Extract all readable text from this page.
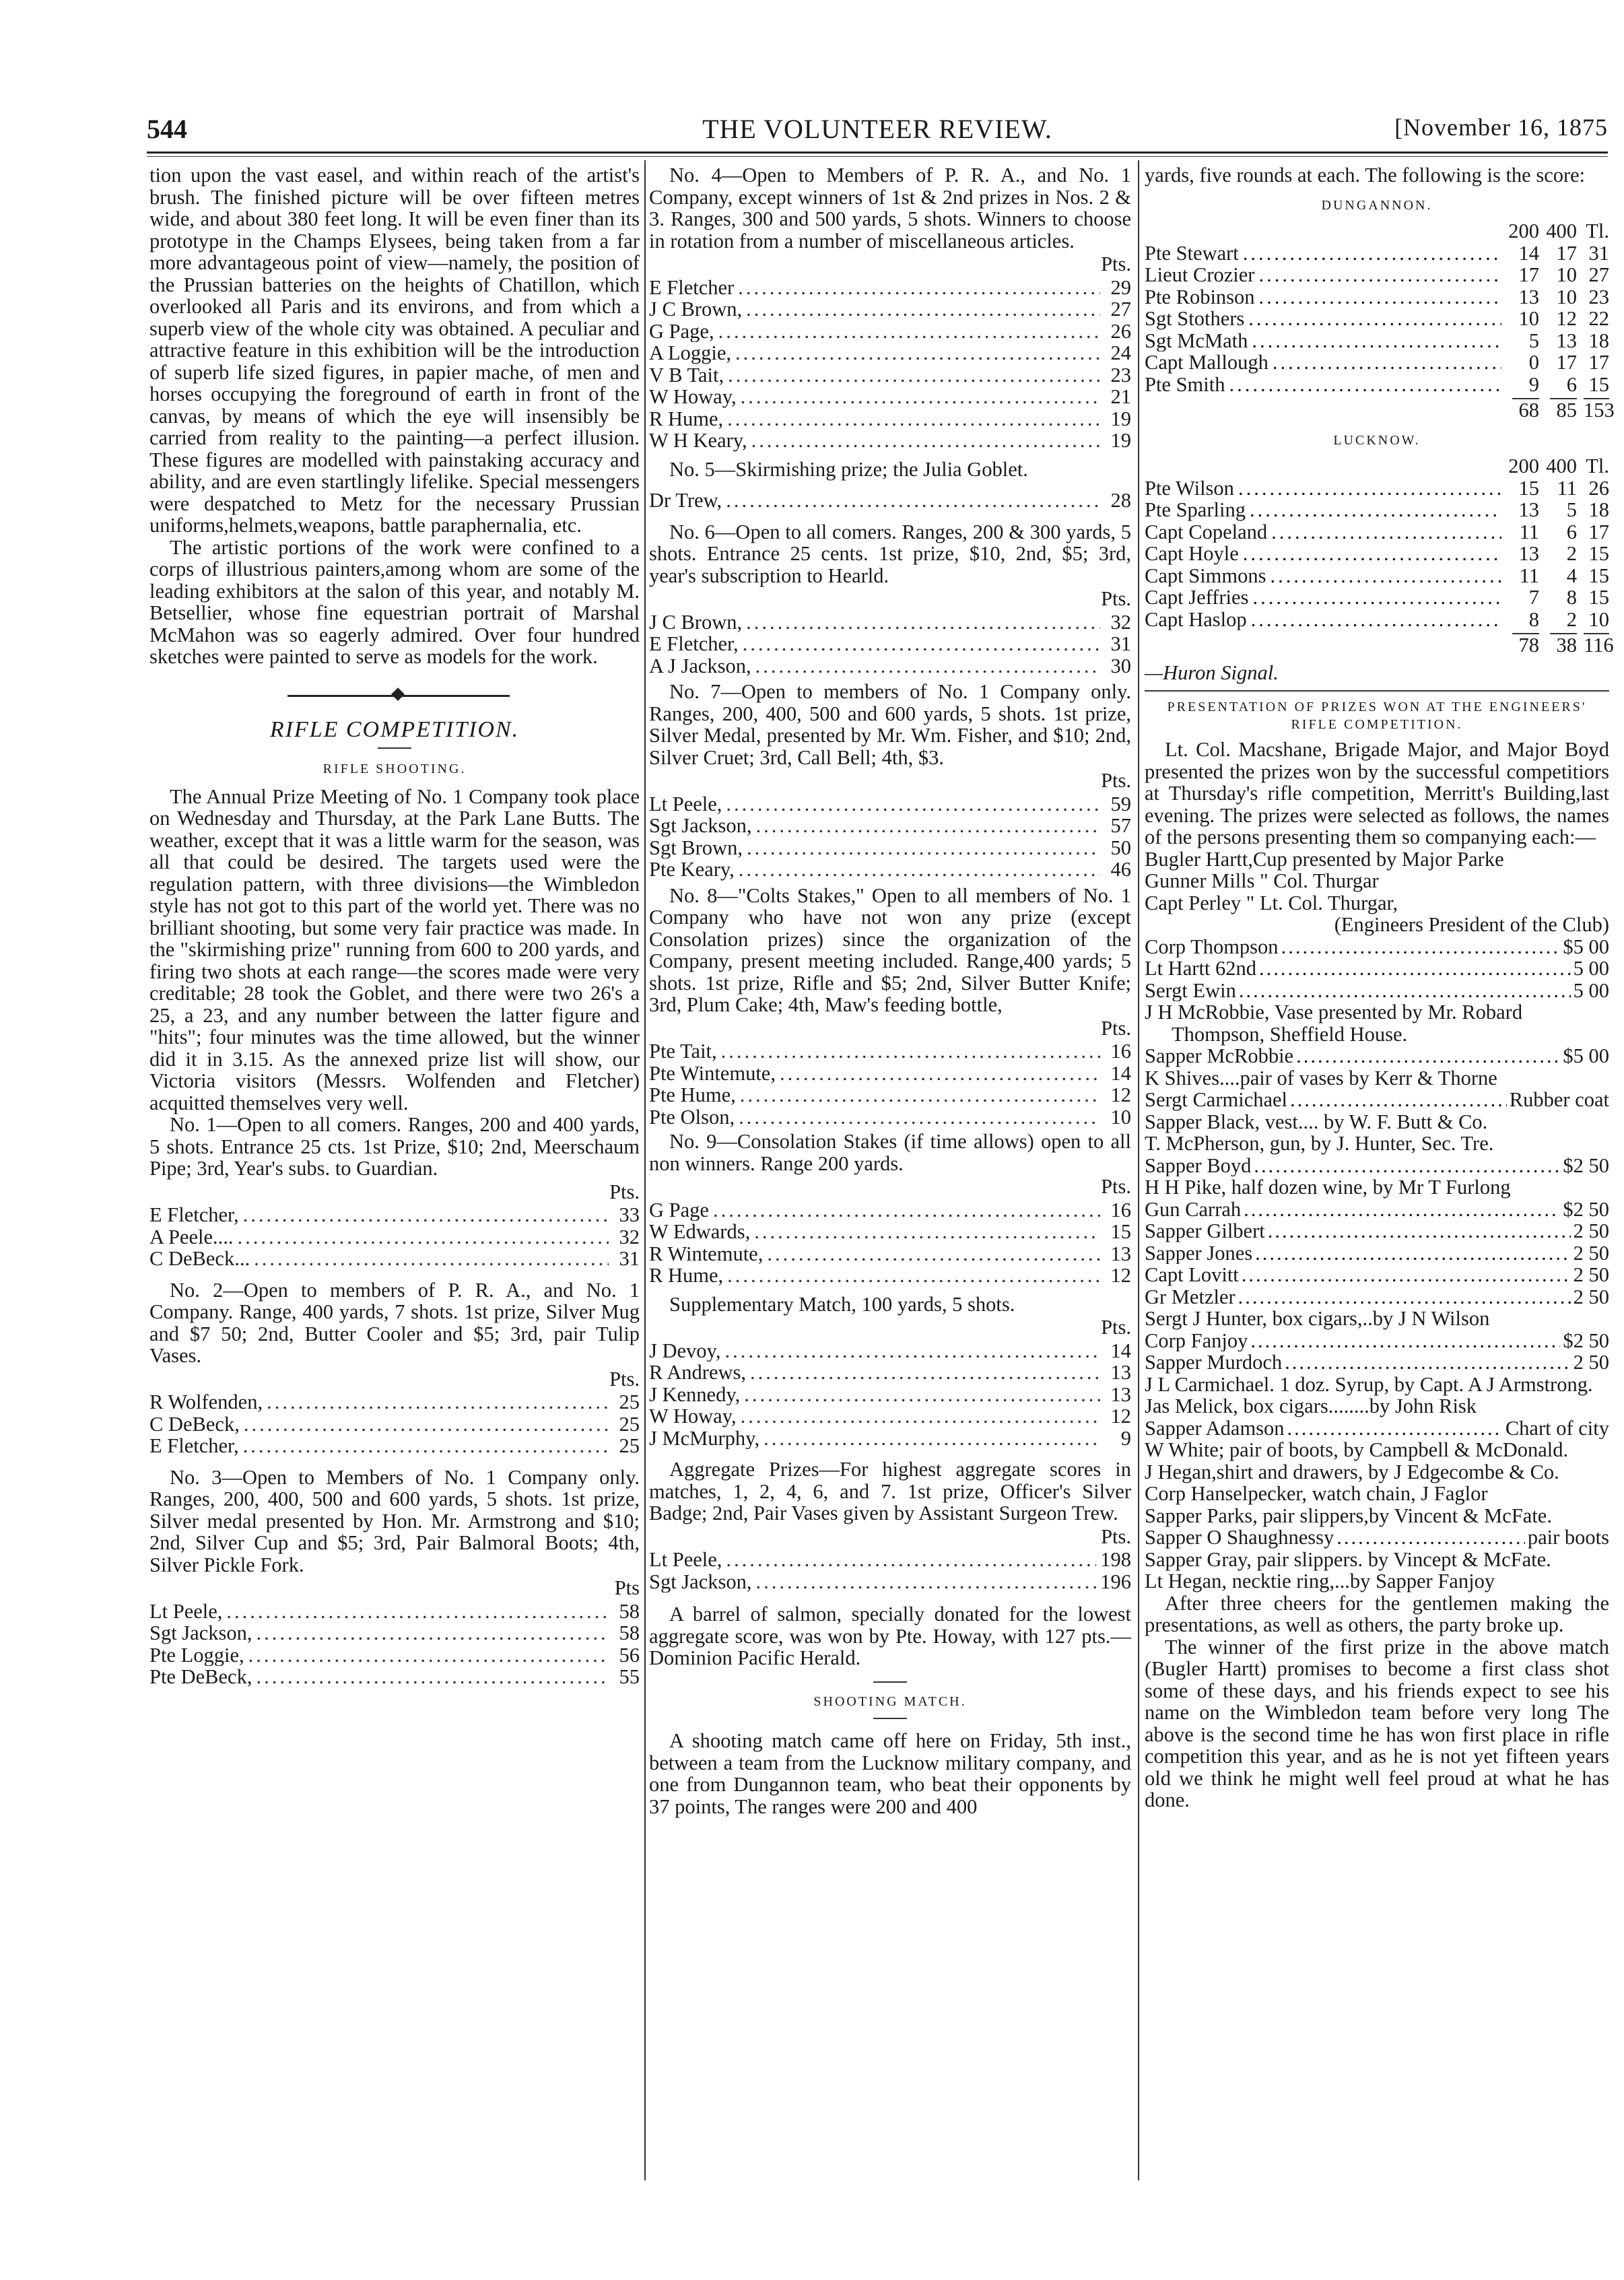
544	THE VOLUNTEER REVIEW.	[November 16, 1875

tion upon the vast easel, and within reach of the artist's brush. The finished picture will be over fifteen metres wide, and about 380 feet long. It will be even finer than its prototype in the Champs Elysees, being taken from a far more advantageous point of view—namely, the position of the Prussian batteries on the heights of Chatillon, which overlooked all Paris and its environs, and from which a superb view of the whole city was obtained. A peculiar and attractive feature in this exhibition will be the introduction of superb life sized figures, in papier mache, of men and horses occupying the foreground of earth in front of the canvas, by means of which the eye will insensibly be carried from reality to the painting—a perfect illusion. These figures are modelled with painstaking accuracy and ability, and are even startlingly lifelike. Special messengers were despatched to Metz for the necessary Prussian uniforms,helmets,weapons, battle paraphernalia, etc.

The artistic portions of the work were confined to a corps of illustrious painters,among whom are some of the leading exhibitors at the salon of this year, and notably M. Betsellier, whose fine equestrian portrait of Marshal McMahon was so eagerly admired. Over four hundred sketches were painted to serve as models for the work.

RIFLE COMPETITION.
RIFLE SHOOTING.

The Annual Prize Meeting of No. 1 Company took place on Wednesday and Thursday, at the Park Lane Butts. The weather, except that it was a little warm for the season, was all that could be desired. The targets used were the regulation pattern, with three divisions—the Wimbledon style has not got to this part of the world yet. There was no brilliant shooting, but some very fair practice was made. In the "skirmishing prize" running from 600 to 200 yards, and firing two shots at each range—the scores made were very creditable; 28 took the Goblet, and there were two 26's a 25, a 23, and any number between the latter figure and "hits"; four minutes was the time allowed, but the winner did it in 3.15. As the annexed prize list will show, our Victoria visitors (Messrs. Wolfenden and Fletcher) acquitted themselves very well.

No. 1—Open to all comers. Ranges, 200 and 400 yards, 5 shots. Entrance 25 cts. 1st Prize, $10; 2nd, Meerschaum Pipe; 3rd, Year's subs. to Guardian.

Pts.
E Fletcher, .....	33
A Peele.... .....	32
C DeBeck... .....	31

No. 2—Open to members of P. R. A., and No. 1 Company. Range, 400 yards, 7 shots. 1st prize, Silver Mug and $7 50; 2nd, Butter Cooler and $5; 3rd, pair Tulip Vases.

Pts.
R Wolfenden, .....	25
C DeBeck, .....	25
E Fletcher, .....	25

No. 3—Open to Members of No. 1 Company only. Ranges, 200, 400, 500 and 600 yards, 5 shots. 1st prize, Silver medal presented by Hon. Mr. Armstrong and $10; 2nd, Silver Cup and $5; 3rd, Pair Balmoral Boots; 4th, Silver Pickle Fork.

Pts
Lt Peele, .....	58
Sgt Jackson, .....	58
Pte Loggie, .....	56
Pte DeBeck, .....	55

No. 4—Open to Members of P. R. A., and No. 1 Company, except winners of 1st & 2nd prizes in Nos. 2 & 3. Ranges, 300 and 500 yards, 5 shots. Winners to choose in rotation from a number of miscellaneous articles.

Pts.
E Fletcher .....	29
J C Brown, .....	27
G Page, .....	26
A Loggie, .....	24
V B Tait, .....	23
W Howay, .....	21
R Hume, .....	19
W H Keary, .....	19

No. 5—Skirmishing prize; the Julia Goblet.

Dr Trew, .....	28

No. 6—Open to all comers. Ranges, 200 & 300 yards, 5 shots. Entrance 25 cents. 1st prize, $10, 2nd, $5; 3rd, year's subscription to Hearld.

Pts.
J C Brown, .....	32
E Fletcher, .....	31
A J Jackson, .....	30

No. 7—Open to members of No. 1 Company only. Ranges, 200, 400, 500 and 600 yards, 5 shots. 1st prize, Silver Medal, presented by Mr. Wm. Fisher, and $10; 2nd, Silver Cruet; 3rd, Call Bell; 4th, $3.

Pts.
Lt Peele, .....	59
Sgt Jackson, .....	57
Sgt Brown, .....	50
Pte Keary, .....	46

No. 8—"Colts Stakes," Open to all members of No. 1 Company who have not won any prize (except Consolation prizes) since the organization of the Company, present meeting included. Range,400 yards; 5 shots. 1st prize, Rifle and $5; 2nd, Silver Butter Knife; 3rd, Plum Cake; 4th, Maw's feeding bottle,

Pts.
Pte Tait, .....	16
Pte Wintemute, .....	14
Pte Hume, .....	12
Pte Olson, .....	10

No. 9—Consolation Stakes (if time allows) open to all non winners. Range 200 yards.

Pts.
G Page .....	16
W Edwards, .....	15
R Wintemute, .....	13
R Hume, .....	12

Supplementary Match, 100 yards, 5 shots.

Pts.
J Devoy, .....	14
R Andrews, .....	13
J Kennedy, .....	13
W Howay, .....	12
J McMurphy, .....	9

Aggregate Prizes—For highest aggregate scores in matches, 1, 2, 4, 6, and 7. 1st prize, Officer's Silver Badge; 2nd, Pair Vases given by Assistant Surgeon Trew.

Pts.
Lt Peele, .....	198
Sgt Jackson, .....	196

A barrel of salmon, specially donated for the lowest aggregate score, was won by Pte. Howay, with 127 pts.—Dominion Pacific Herald.

SHOOTING MATCH.

A shooting match came off here on Friday, 5th inst., between a team from the Lucknow military company, and one from Dungannon team, who beat their opponents by 37 points, The ranges were 200 and 400

yards, five rounds at each. The following is the score:

DUNGANNON.
200 400 Tl.
Pte Stewart .....	14 17 31
Lieut Crozier .....	17 10 27
Pte Robinson .....	13 10 23
Sgt Stothers .....	10 12 22
Sgt McMath .....	5 13 18
Capt Mallough .....	0 17 17
Pte Smith .....	9	6 15
68 85 153
LUCKNOW.
200 400 Tl.
Pte Wilson .....	15 11 26
Pte Sparling .....	13	5 18
Capt Copeland .....	11	6 17
Capt Hoyle .....	13	2 15
Capt Simmons .....	11	4 15
Capt Jeffries .....	7	8 15
Capt Haslop .....	8	2 10
78 38 116

—Huron Signal.

PRESENTATION OF PRIZES WON AT THE ENGINEERS' RIFLE COMPETITION.

Lt. Col. Macshane, Brigade Major, and Major Boyd presented the prizes won by the successful competitiors at Thursday's rifle competition, Merritt's Building,last evening. The prizes were selected as follows, the names of the persons presenting them so companying each:—

Bugler Hartt,Cup presented by Major Parke
Gunner Mills " Col. Thurgar
Capt Perley " Lt. Col. Thurgar,
(Engineers President of the Club)
Corp Thompson .....	$5 00
Lt Hartt 62nd .....	5 00
Sergt Ewin .....	5 00
J H McRobbie, Vase presented by Mr. Robard Thompson, Sheffield House.
Sapper McRobbie .....	$5 00
K Shives....pair of vases by Kerr & Thorne
Sergt Carmichael .....	Rubber coat
Sapper Black, vest.... by W. F. Butt & Co.
T. McPherson, gun, by J. Hunter, Sec. Tre.
Sapper Boyd .....	$2 50
H H Pike, half dozen wine, by Mr T Furlong
Gun Carrah .....	$2 50
Sapper Gilbert .....	2 50
Sapper Jones .....	2 50
Capt Lovitt .....	2 50
Gr Metzler .....	2 50
Sergt J Hunter, box cigars,..by J N Wilson
Corp Fanjoy .....	$2 50
Sapper Murdoch .....	2 50
J L Carmichael. 1 doz. Syrup, by Capt. A J Armstrong.
Jas Melick, box cigars........by John Risk
Sapper Adamson .....	Chart of city
W White; pair of boots, by Campbell & McDonald.
J Hegan,shirt and drawers, by J Edgecombe & Co.
Corp Hanselpecker, watch chain, J Faglor
Sapper Parks, pair slippers,by Vincent & McFate.
Sapper O Shaughnessy .....	pair boots
Sapper Gray, pair slippers. by Vincept & McFate.
Lt Hegan, necktie ring,...by Sapper Fanjoy

After three cheers for the gentlemen making the presentations, as well as others, the party broke up.

The winner of the first prize in the above match (Bugler Hartt) promises to become a first class shot some of these days, and his friends expect to see his name on the Wimbledon team before very long The above is the second time he has won first place in rifle competition this year, and as he is not yet fifteen years old we think he might well feel proud at what he has done.
